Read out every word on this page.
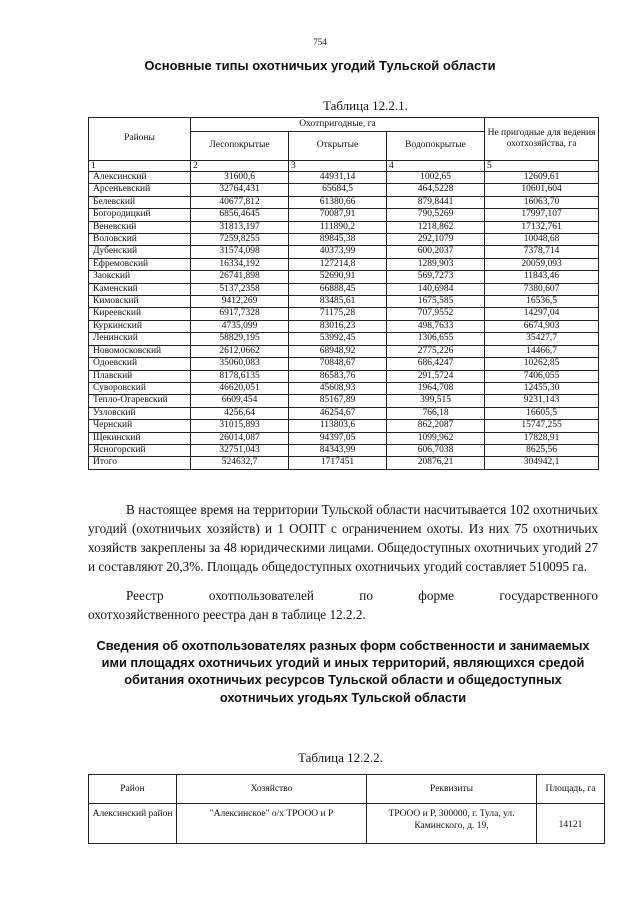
754
Основные типы охотничьих угодий Тульской области
Таблица 12.2.1.
Районы	Охотпригодные, га			Не пригодные для ведения охотхозяйства, га
	Лесопокрытые	Открытые	Водопокрытые	
1	2	3	4	5
Алексинский	31600,6	44931,14	1002,65	12609,61
Арсеньевский	32764,431	65684,5	464,5228	10601,604
Белевский	40677,812	61380,66	879,8441	16063,70
Богородицкий	6856,4645	70087,91	790,5269	17997,107
Веневский	31813,197	111890,2	1218,862	17132,761
Воловский	7259,8255	89845,38	292,1079	10048,68
Дубенский	31574,098	40373,99	600,2037	7378,714
Ефремовский	16334,192	127214,8	1289,903	20059,093
Заокский	26741,898	52690,91	569,7273	11843,46
Каменский	5137,2358	66888,45	140,6984	7380,607
Кимовский	9412,269	83485,61	1675,585	16536,5
Киреевский	6917,7328	71175,28	707,9552	14297,04
Куркинский	4735,099	83016,23	498,7633	6674,903
Ленинский	58829,195	53992,45	1306,655	35427,7
Новомосковский	2612,0662	68948,92	2775,226	14466,7
Одоевский	35060,083	70848,67	686,4247	10262,85
Плавский	8178,6135	86583,76	291,5724	7406,055
Суворовский	46620,051	45608,93	1964,708	12455,30
Тепло-Огаревский	6609,454	85167,89	399,515	9231,143
Узловский	4256,64	46254,67	766,18	16605,5
Чернский	31015,893	113803,6	862,2087	15747,255
Щекинский	26014,087	94397,05	1099,962	17828,91
Ясногорский	32751,043	84343,99	606,7038	8625,56
Итого	524632,7	1717451	20876,21	304942,1
В настоящее время на территории Тульской области насчитывается 102 охотничьих угодий (охотничьих хозяйств) и 1 ООПТ с ограничением охоты. Из них 75 охотничьих хозяйств закреплены за 48 юридическими лицами. Общедоступных охотничьих угодий 27 и составляют 20,3%. Площадь общедоступных охотничьих угодий составляет 510095 га.
Реестр охотпользователей по форме государственного
охотхозяйственного реестра дан в таблице 12.2.2.
Сведения об охотпользователях разных форм собственности и занимаемых ими площадях охотничьих угодий и иных территорий, являющихся средой обитания охотничьих ресурсов Тульской области и общедоступных охотничьих угодьях Тульской области
Таблица 12.2.2.
Район	Хозяйство	Реквизиты	Площадь, га
Алексинский район	"Алексинское" о/х ТРООО и Р	ТРООО и Р, 300000, г. Тула, ул. Каминского, д. 19,	14121
